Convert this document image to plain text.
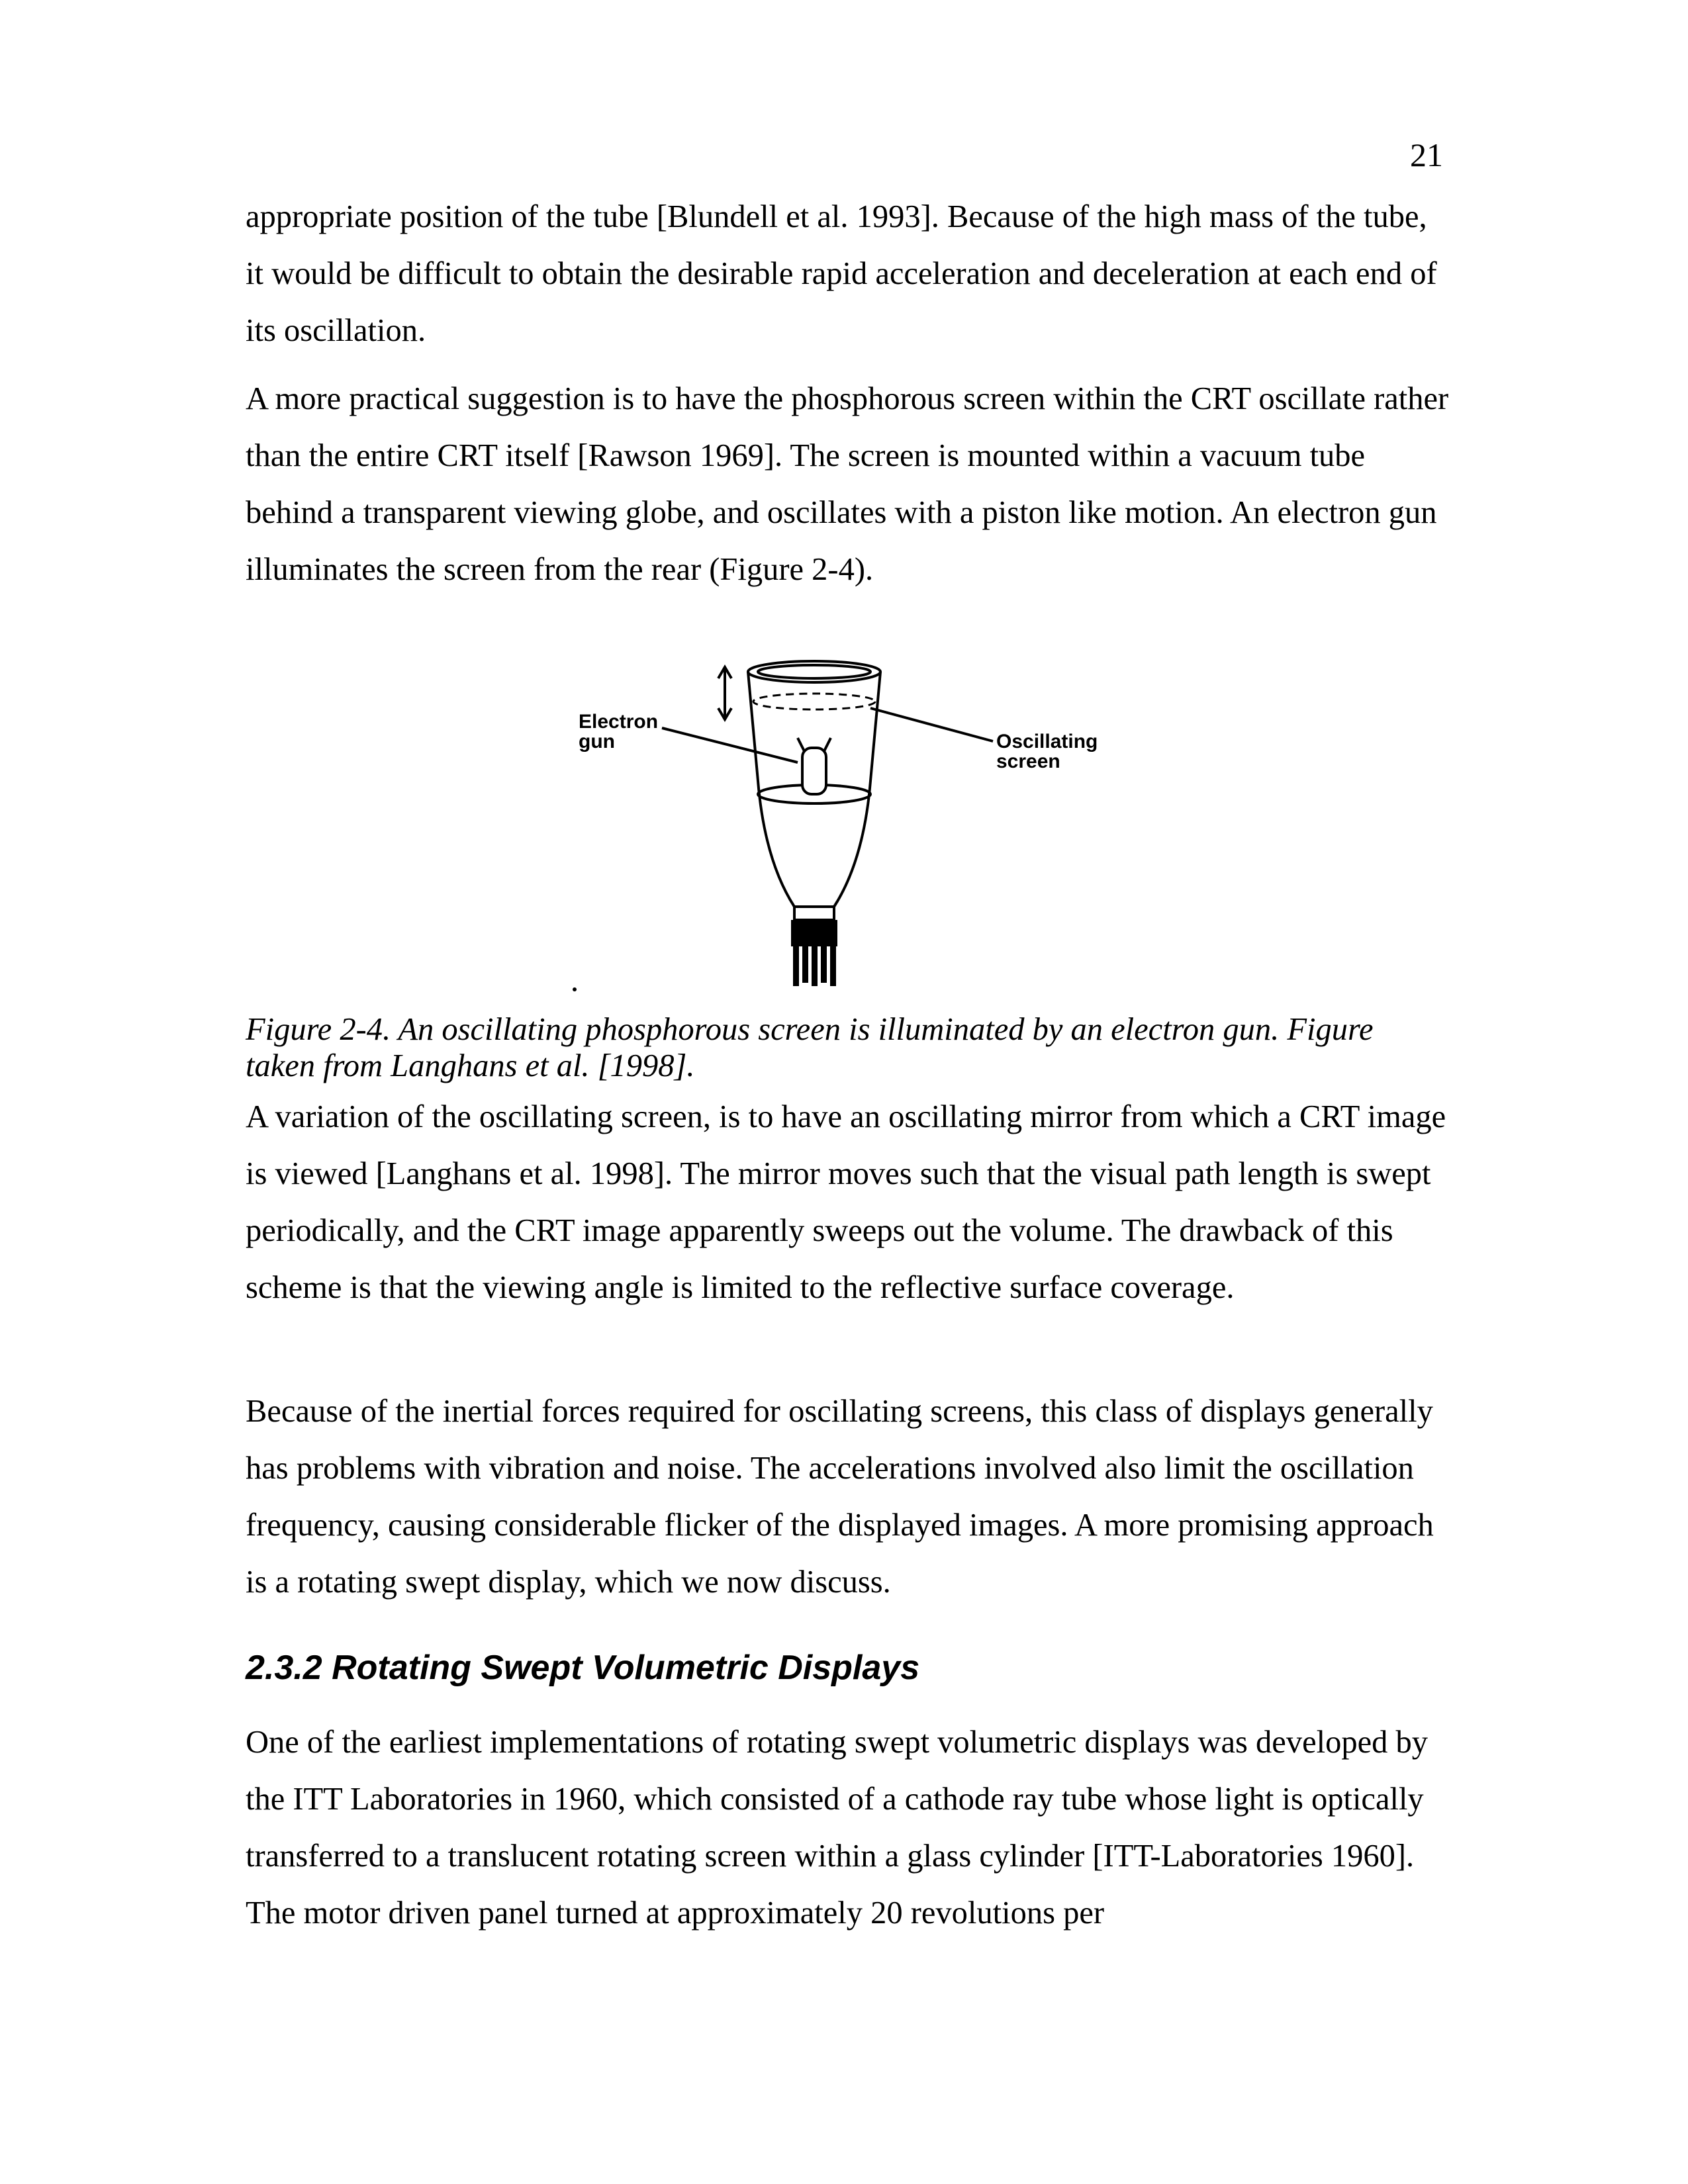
21

appropriate position of the tube [Blundell et al. 1993]. Because of the high mass of the tube, it would be difficult to obtain the desirable rapid acceleration and deceleration at each end of its oscillation.

A more practical suggestion is to have the phosphorous screen within the CRT oscillate rather than the entire CRT itself [Rawson 1969]. The screen is mounted within a vacuum tube behind a transparent viewing globe, and oscillates with a piston like motion. An electron gun illuminates the screen from the rear (Figure 2-4).

Electron
gun	Oscillating
screen

Figure 2-4. An oscillating phosphorous screen is illuminated by an electron gun. Figure taken from Langhans et al. [1998].

A variation of the oscillating screen, is to have an oscillating mirror from which a CRT image is viewed [Langhans et al. 1998]. The mirror moves such that the visual path length is swept periodically, and the CRT image apparently sweeps out the volume. The drawback of this scheme is that the viewing angle is limited to the reflective surface coverage.

Because of the inertial forces required for oscillating screens, this class of displays generally has problems with vibration and noise. The accelerations involved also limit the oscillation frequency, causing considerable flicker of the displayed images. A more promising approach is a rotating swept display, which we now discuss.

2.3.2 Rotating Swept Volumetric Displays

One of the earliest implementations of rotating swept volumetric displays was developed by the ITT Laboratories in 1960, which consisted of a cathode ray tube whose light is optically transferred to a translucent rotating screen within a glass cylinder [ITT-Laboratories 1960]. The motor driven panel turned at approximately 20 revolutions per
